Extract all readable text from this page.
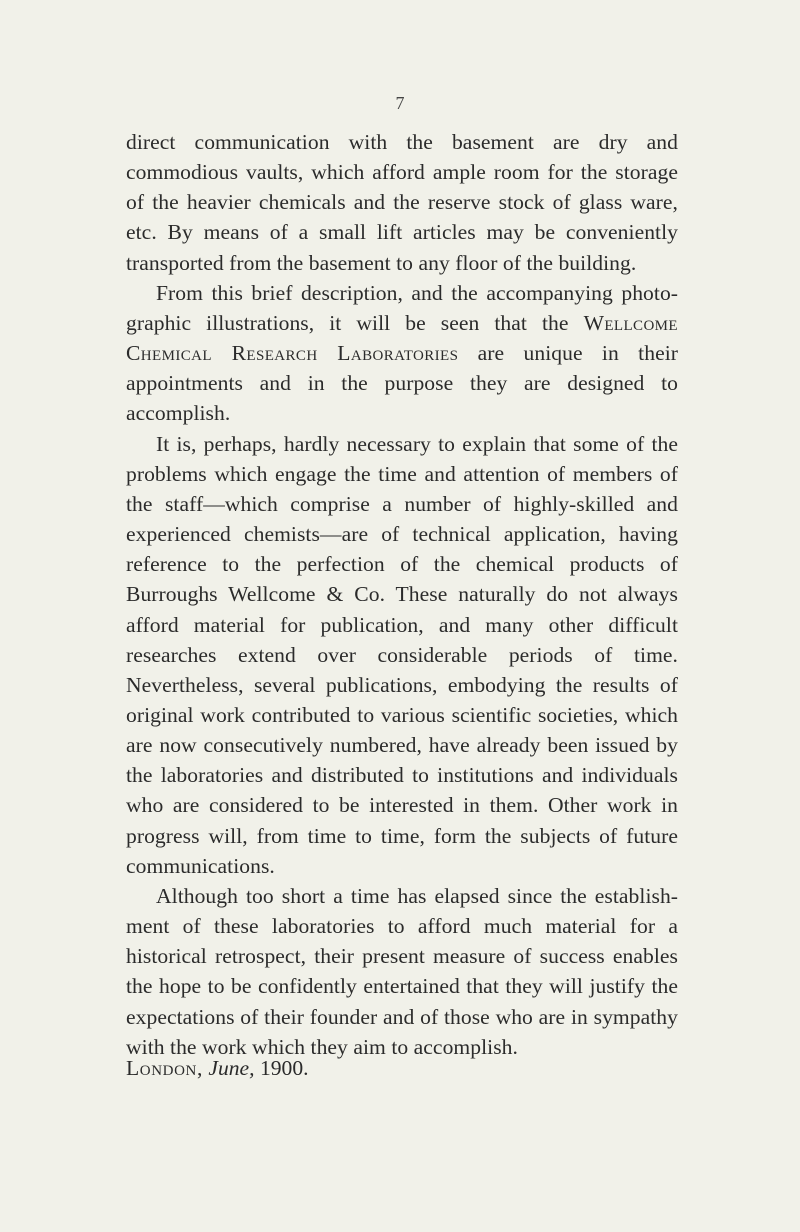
7

direct communication with the basement are dry and commodious vaults, which afford ample room for the storage of the heavier chemicals and the reserve stock of glass ware, etc. By means of a small lift articles may be conveniently transported from the basement to any floor of the building.

From this brief description, and the accompanying photographic illustrations, it will be seen that the Wellcome Chemical Research Laboratories are unique in their appointments and in the purpose they are designed to accomplish.

It is, perhaps, hardly necessary to explain that some of the problems which engage the time and attention of members of the staff—which comprise a number of highly-skilled and experienced chemists—are of technical application, having reference to the perfection of the chemical products of Burroughs Wellcome & Co. These naturally do not always afford material for publication, and many other difficult researches extend over considerable periods of time. Nevertheless, several publications, embodying the results of original work contributed to various scientific societies, which are now consecutively numbered, have already been issued by the laboratories and distributed to institutions and individuals who are considered to be interested in them. Other work in progress will, from time to time, form the subjects of future communications.

Although too short a time has elapsed since the establishment of these laboratories to afford much material for a historical retrospect, their present measure of success enables the hope to be confidently entertained that they will justify the expectations of their founder and of those who are in sympathy with the work which they aim to accomplish.

London, June, 1900.
